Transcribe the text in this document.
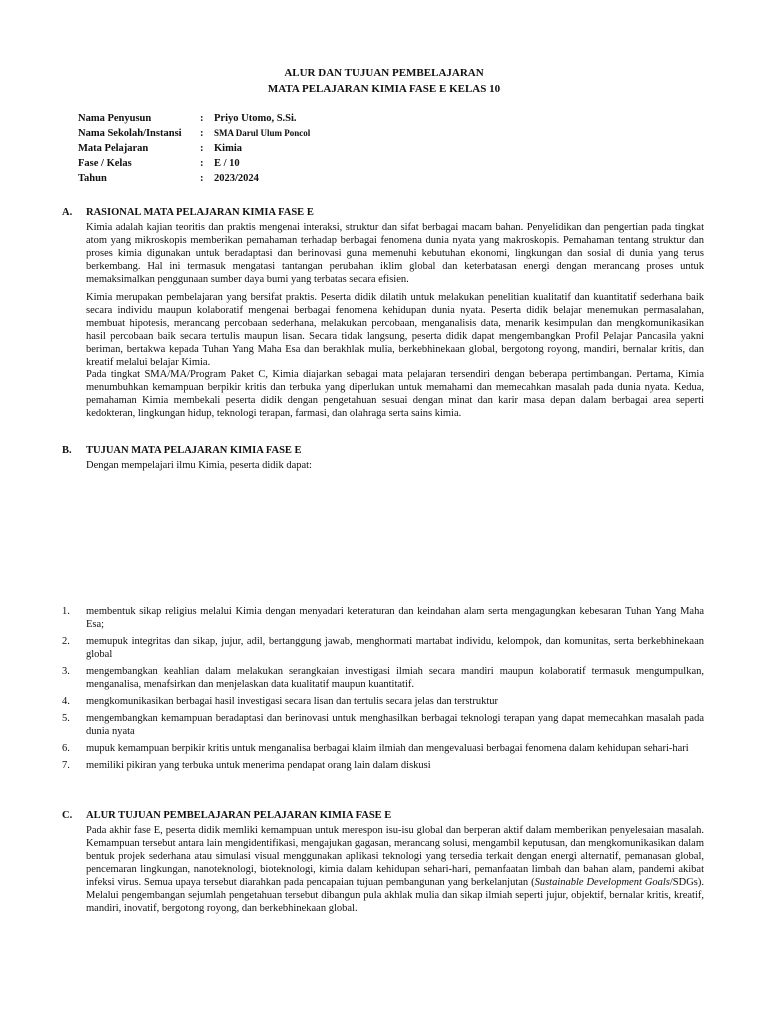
ALUR DAN TUJUAN PEMBELAJARAN
MATA PELAJARAN KIMIA FASE E KELAS 10
Nama Penyusun	:	Priyo Utomo, S.Si.
Nama Sekolah/Instansi	:	SMA Darul Ulum Poncol
Mata Pelajaran	:	Kimia
Fase / Kelas	:	E / 10
Tahun	:	2023/2024
A. RASIONAL MATA PELAJARAN KIMIA FASE E
Kimia adalah kajian teoritis dan praktis mengenai interaksi, struktur dan sifat berbagai macam bahan. Penyelidikan dan pengertian pada tingkat atom yang mikroskopis memberikan pemahaman terhadap berbagai fenomena dunia nyata yang makroskopis. Pemahaman tentang struktur dan proses kimia digunakan untuk beradaptasi dan berinovasi guna memenuhi kebutuhan ekonomi, lingkungan dan sosial di dunia yang terus berkembang. Hal ini termasuk mengatasi tantangan perubahan iklim global dan keterbatasan energi dengan merancang proses untuk memaksimalkan penggunaan sumber daya bumi yang terbatas secara efisien.
Kimia merupakan pembelajaran yang bersifat praktis. Peserta didik dilatih untuk melakukan penelitian kualitatif dan kuantitatif sederhana baik secara individu maupun kolaboratif mengenai berbagai fenomena kehidupan dunia nyata. Peserta didik belajar menemukan permasalahan, membuat hipotesis, merancang percobaan sederhana, melakukan percobaan, menganalisis data, menarik kesimpulan dan mengkomunikasikan hasil percobaan baik secara tertulis maupun lisan. Secara tidak langsung, peserta didik dapat mengembangkan Profil Pelajar Pancasila yakni beriman, bertakwa kepada Tuhan Yang Maha Esa dan berakhlak mulia, berkebhinekaan global, bergotong royong, mandiri, bernalar kritis, dan kreatif melalui belajar Kimia.
Pada tingkat SMA/MA/Program Paket C, Kimia diajarkan sebagai mata pelajaran tersendiri dengan beberapa pertimbangan. Pertama, Kimia menumbuhkan kemampuan berpikir kritis dan terbuka yang diperlukan untuk memahami dan memecahkan masalah pada dunia nyata. Kedua, pemahaman Kimia membekali peserta didik dengan pengetahuan sesuai dengan minat dan karir masa depan dalam berbagai area seperti kedokteran, lingkungan hidup, teknologi terapan, farmasi, dan olahraga serta sains kimia.
B. TUJUAN MATA PELAJARAN KIMIA FASE E
Dengan mempelajari ilmu Kimia, peserta didik dapat:
1.	membentuk sikap religius melalui Kimia dengan menyadari keteraturan dan keindahan alam serta mengagungkan kebesaran Tuhan Yang Maha Esa;
2.	memupuk integritas dan sikap, jujur, adil, bertanggung jawab, menghormati martabat individu, kelompok, dan komunitas, serta berkebhinekaan global
3.	mengembangkan keahlian dalam melakukan serangkaian investigasi ilmiah secara mandiri maupun kolaboratif termasuk mengumpulkan, menganalisa, menafsirkan dan menjelaskan data kualitatif maupun kuantitatif.
4.	mengkomunikasikan berbagai hasil investigasi secara lisan dan tertulis secara jelas dan terstruktur
5.	mengembangkan kemampuan beradaptasi dan berinovasi untuk menghasilkan berbagai teknologi terapan yang dapat memecahkan masalah pada dunia nyata
6.	mupuk kemampuan berpikir kritis untuk menganalisa berbagai klaim ilmiah dan mengevaluasi berbagai fenomena dalam kehidupan sehari-hari
7.	memiliki pikiran yang terbuka untuk menerima pendapat orang lain dalam diskusi
C. ALUR TUJUAN PEMBELAJARAN PELAJARAN KIMIA FASE E
Pada akhir fase E, peserta didik memliki kemampuan untuk merespon isu-isu global dan berperan aktif dalam memberikan penyelesaian masalah. Kemampuan tersebut antara lain mengidentifikasi, mengajukan gagasan, merancang solusi, mengambil keputusan, dan mengkomunikasikan dalam bentuk projek sederhana atau simulasi visual menggunakan aplikasi teknologi yang tersedia terkait dengan energi alternatif, pemanasan global, pencemaran lingkungan, nanoteknologi, bioteknologi, kimia dalam kehidupan sehari-hari, pemanfaatan limbah dan bahan alam, pandemi akibat infeksi virus. Semua upaya tersebut diarahkan pada pencapaian tujuan pembangunan yang berkelanjutan (Sustainable Development Goals/SDGs). Melalui pengembangan sejumlah pengetahuan tersebut dibangun pula akhlak mulia dan sikap ilmiah seperti jujur, objektif, bernalar kritis, kreatif, mandiri, inovatif, bergotong royong, dan berkebhinekaan global.
